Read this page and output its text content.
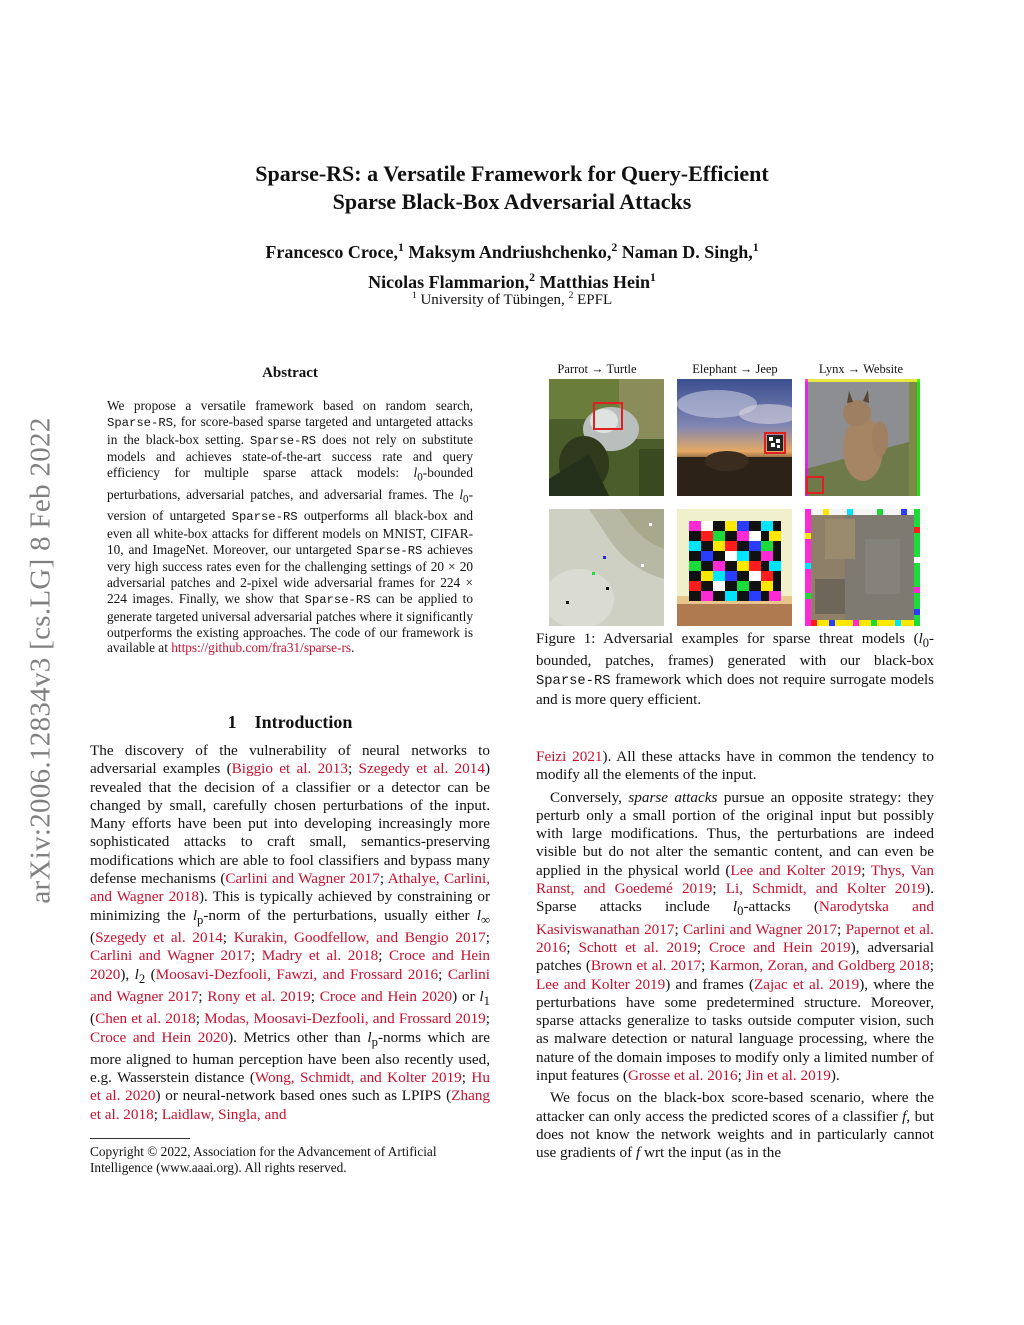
arXiv:2006.12834v3 [cs.LG] 8 Feb 2022
Sparse-RS: a Versatile Framework for Query-Efficient
Sparse Black-Box Adversarial Attacks
Francesco Croce,$^1$ Maksym Andriushchenko,$^2$ Naman D. Singh,$^1$
Nicolas Flammarion,$^2$ Matthias Hein$^1$
$^1$ University of Tübingen, $^2$ EPFL
Abstract
We propose a versatile framework based on random search, Sparse-RS, for score-based sparse targeted and untargeted attacks in the black-box setting. Sparse-RS does not rely on substitute models and achieves state-of-the-art success rate and query efficiency for multiple sparse attack models: $l_0$-bounded perturbations, adversarial patches, and adversarial frames. The $l_0$-version of untargeted Sparse-RS outperforms all black-box and even all white-box attacks for different models on MNIST, CIFAR-10, and ImageNet. Moreover, our untargeted Sparse-RS achieves very high success rates even for the challenging settings of 20 × 20 adversarial patches and 2-pixel wide adversarial frames for 224 × 224 images. Finally, we show that Sparse-RS can be applied to generate targeted universal adversarial patches where it significantly outperforms the existing approaches. The code of our framework is available at https://github.com/fra31/sparse-rs.
1 Introduction
The discovery of the vulnerability of neural networks to adversarial examples (Biggio et al. 2013; Szegedy et al. 2014) revealed that the decision of a classifier or a detector can be changed by small, carefully chosen perturbations of the input. Many efforts have been put into developing increasingly more sophisticated attacks to craft small, semantics-preserving modifications which are able to fool classifiers and bypass many defense mechanisms (Carlini and Wagner 2017; Athalye, Carlini, and Wagner 2018). This is typically achieved by constraining or minimizing the $l_p$-norm of the perturbations, usually either $l_\infty$ (Szegedy et al. 2014; Kurakin, Goodfellow, and Bengio 2017; Carlini and Wagner 2017; Madry et al. 2018; Croce and Hein 2020), $l_2$ (Moosavi-Dezfooli, Fawzi, and Frossard 2016; Carlini and Wagner 2017; Rony et al. 2019; Croce and Hein 2020) or $l_1$ (Chen et al. 2018; Modas, Moosavi-Dezfooli, and Frossard 2019; Croce and Hein 2020). Metrics other than $l_p$-norms which are more aligned to human perception have been also recently used, e.g. Wasserstein distance (Wong, Schmidt, and Kolter 2019; Hu et al. 2020) or neural-network based ones such as LPIPS (Zhang et al. 2018; Laidlaw, Singla, and
Copyright © 2022, Association for the Advancement of Artificial Intelligence (www.aaai.org). All rights reserved.
Parrot → Turtle	Elephant → Jeep	Lynx → Website
Figure 1: Adversarial examples for sparse threat models ($l_0$-bounded, patches, frames) generated with our black-box Sparse-RS framework which does not require surrogate models and is more query efficient.

Feizi 2021). All these attacks have in common the tendency to modify all the elements of the input.

Conversely, sparse attacks pursue an opposite strategy: they perturb only a small portion of the original input but possibly with large modifications. Thus, the perturbations are indeed visible but do not alter the semantic content, and can even be applied in the physical world (Lee and Kolter 2019; Thys, Van Ranst, and Goedemé 2019; Li, Schmidt, and Kolter 2019). Sparse attacks include $l_0$-attacks (Narodytska and Kasiviswanathan 2017; Carlini and Wagner 2017; Papernot et al. 2016; Schott et al. 2019; Croce and Hein 2019), adversarial patches (Brown et al. 2017; Karmon, Zoran, and Goldberg 2018; Lee and Kolter 2019) and frames (Zajac et al. 2019), where the perturbations have some predetermined structure. Moreover, sparse attacks generalize to tasks outside computer vision, such as malware detection or natural language processing, where the nature of the domain imposes to modify only a limited number of input features (Grosse et al. 2016; Jin et al. 2019).

We focus on the black-box score-based scenario, where the attacker can only access the predicted scores of a classifier f, but does not know the network weights and in particularly cannot use gradients of f wrt the input (as in the
